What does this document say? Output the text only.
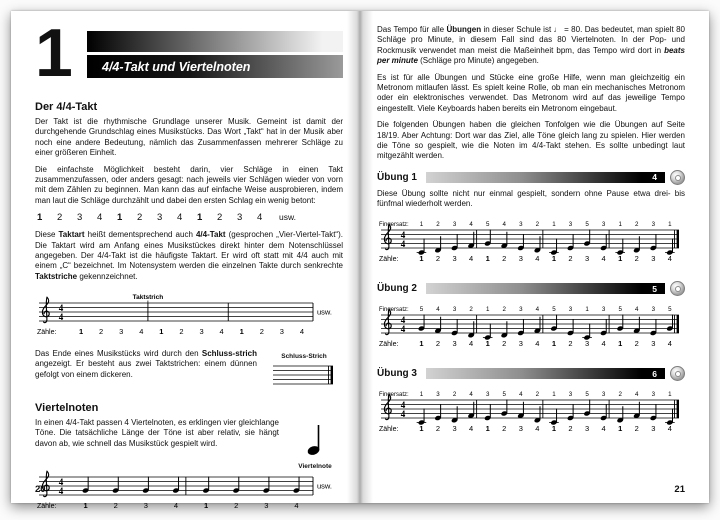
1	4/4-Takt und Viertelnoten
Der 4/4-Takt

Der Takt ist die rhythmische Grundlage unserer Musik. Gemeint ist damit der durchgehende Grundschlag eines Musikstücks. Das Wort „Takt“ hat in der Musik aber noch eine andere Bedeutung, nämlich das Zusammenfassen mehrerer Schläge zu einer größeren Einheit.

Die einfachste Möglichkeit besteht darin, vier Schläge in einen Takt zusammenzufassen, oder anders gesagt: nach jeweils vier Schlägen wieder von vorn mit dem Zählen zu beginnen. Man kann das auf einfache Weise ausprobieren, indem man laut die Schläge durchzählt und dabei den ersten Schlag ein wenig betont:

1 2 3 4 1 2 3 4 1 2 3 4 usw.

Diese Taktart heißt dementsprechend auch 4/4-Takt (gesprochen „Vier-Viertel-Takt“). Die Taktart wird am Anfang eines Musikstückes direkt hinter dem Notenschlüssel angegeben. Der 4/4-Takt ist die häufigste Taktart. Er wird oft statt mit 4/4 auch mit einem „C“ bezeichnet. Im Notensystem werden die einzelnen Takte durch senkrechte Taktstriche gekennzeichnet.

4
4
Taktstrich
Zähle:	1 2 3 4 1 2 3 4 1 2 3 4
usw.

Das Ende eines Musikstücks wird durch den Schluss-strich angezeigt. Er besteht aus zwei Taktstrichen: einem dünnen gefolgt von einem dickeren.

Schluss-Strich
Viertelnoten

In einen 4/4-Takt passen 4 Viertelnoten, es erklingen vier gleichlange Töne. Die tatsächliche Länge der Töne ist aber relativ, sie hängt davon ab, wie schnell das Musikstück gespielt wird.

Viertelnote
4
4
Zähle:	1	2	3	4	1	2	3	4
usw.
20

Das Tempo für alle Übungen in dieser Schule ist ♩ = 80. Das bedeutet, man spielt 80 Schläge pro Minute, in diesem Fall sind das 80 Viertelnoten. In der Pop- und Rockmusik verwendet man meist die Maßeinheit bpm, das Tempo wird dort in beats per minute (Schläge pro Minute) angegeben.

Es ist für alle Übungen und Stücke eine große Hilfe, wenn man gleichzeitig ein Metronom mitlaufen lässt. Es spielt keine Rolle, ob man ein mechanisches Metronom oder ein elektronisches verwendet. Das Metronom wird auf das jeweilige Tempo eingestellt. Viele Keyboards haben bereits ein Metronom eingebaut.

Die folgenden Übungen haben die gleichen Tonfolgen wie die Übungen auf Seite 18/19. Aber Achtung: Dort war das Ziel, alle Töne gleich lang zu spielen. Hier werden die Töne so gespielt, wie die Noten im 4/4-Takt stehen. Es sollte unbedingt laut mitgezählt werden.

Übung 1	4

Diese Übung sollte nicht nur einmal gespielt, sondern ohne Pause etwa drei- bis fünfmal wiederholt werden.

4
4
Fingersatz: 1 2 3 4 5 4 3 2 1 3 5 3 1 2 3 1
Zähle:	1 2 3 4 1 2 3 4 1 2 3 4 1 2 3 4
Übung 2	5
4
4
Fingersatz: 5 4 3 2 1 2 3 4 5 3 1 3 5 4 3 5
Zähle:	1 2 3 4 1 2 3 4 1 2 3 4 1 2 3 4
Übung 3	6
4
4
Fingersatz: 1 3 2 4 3 5 4 2 1 3 5 3 2 4 3 1
Zähle:	1 2 3 4 1 2 3 4 1 2 3 4 1 2 3 4
21
